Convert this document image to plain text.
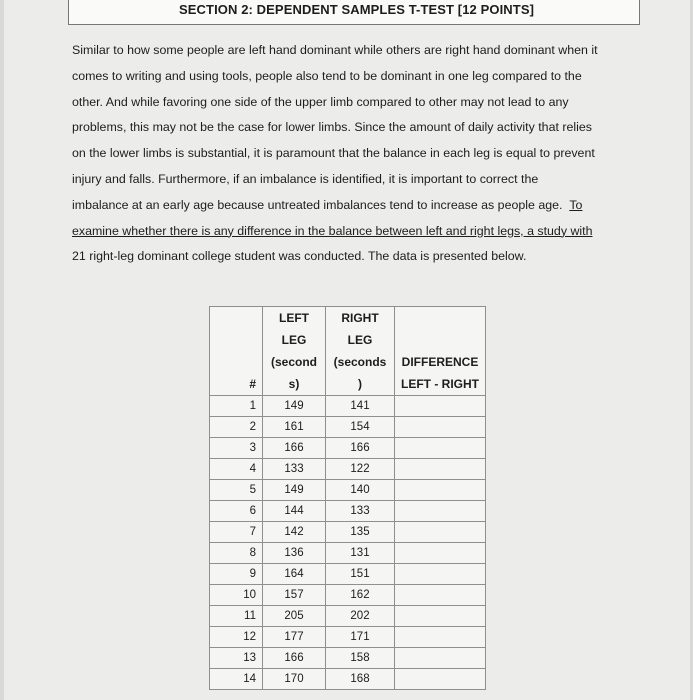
SECTION 2: DEPENDENT SAMPLES T-TEST [12 POINTS]
Similar to how some people are left hand dominant while others are right hand dominant when it
comes to writing and using tools, people also tend to be dominant in one leg compared to the
other. And while favoring one side of the upper limb compared to other may not lead to any
problems, this may not be the case for lower limbs. Since the amount of daily activity that relies
on the lower limbs is substantial, it is paramount that the balance in each leg is equal to prevent
injury and falls. Furthermore, if an imbalance is identified, it is important to correct the
imbalance at an early age because untreated imbalances tend to increase as people age. To
examine whether there is any difference in the balance between left and right legs, a study with
21 right-leg dominant college student was conducted. The data is presented below.
#	LEFT
LEG
(second
s)	RIGHT
LEG
(seconds
)	DIFFERENCE
LEFT - RIGHT

1	149	141	
2	161	154	
3	166	166	
4	133	122	
5	149	140	
6	144	133	
7	142	135	
8	136	131	
9	164	151	
10	157	162	
11	205	202	
12	177	171	
13	166	158	
14	170	168	
